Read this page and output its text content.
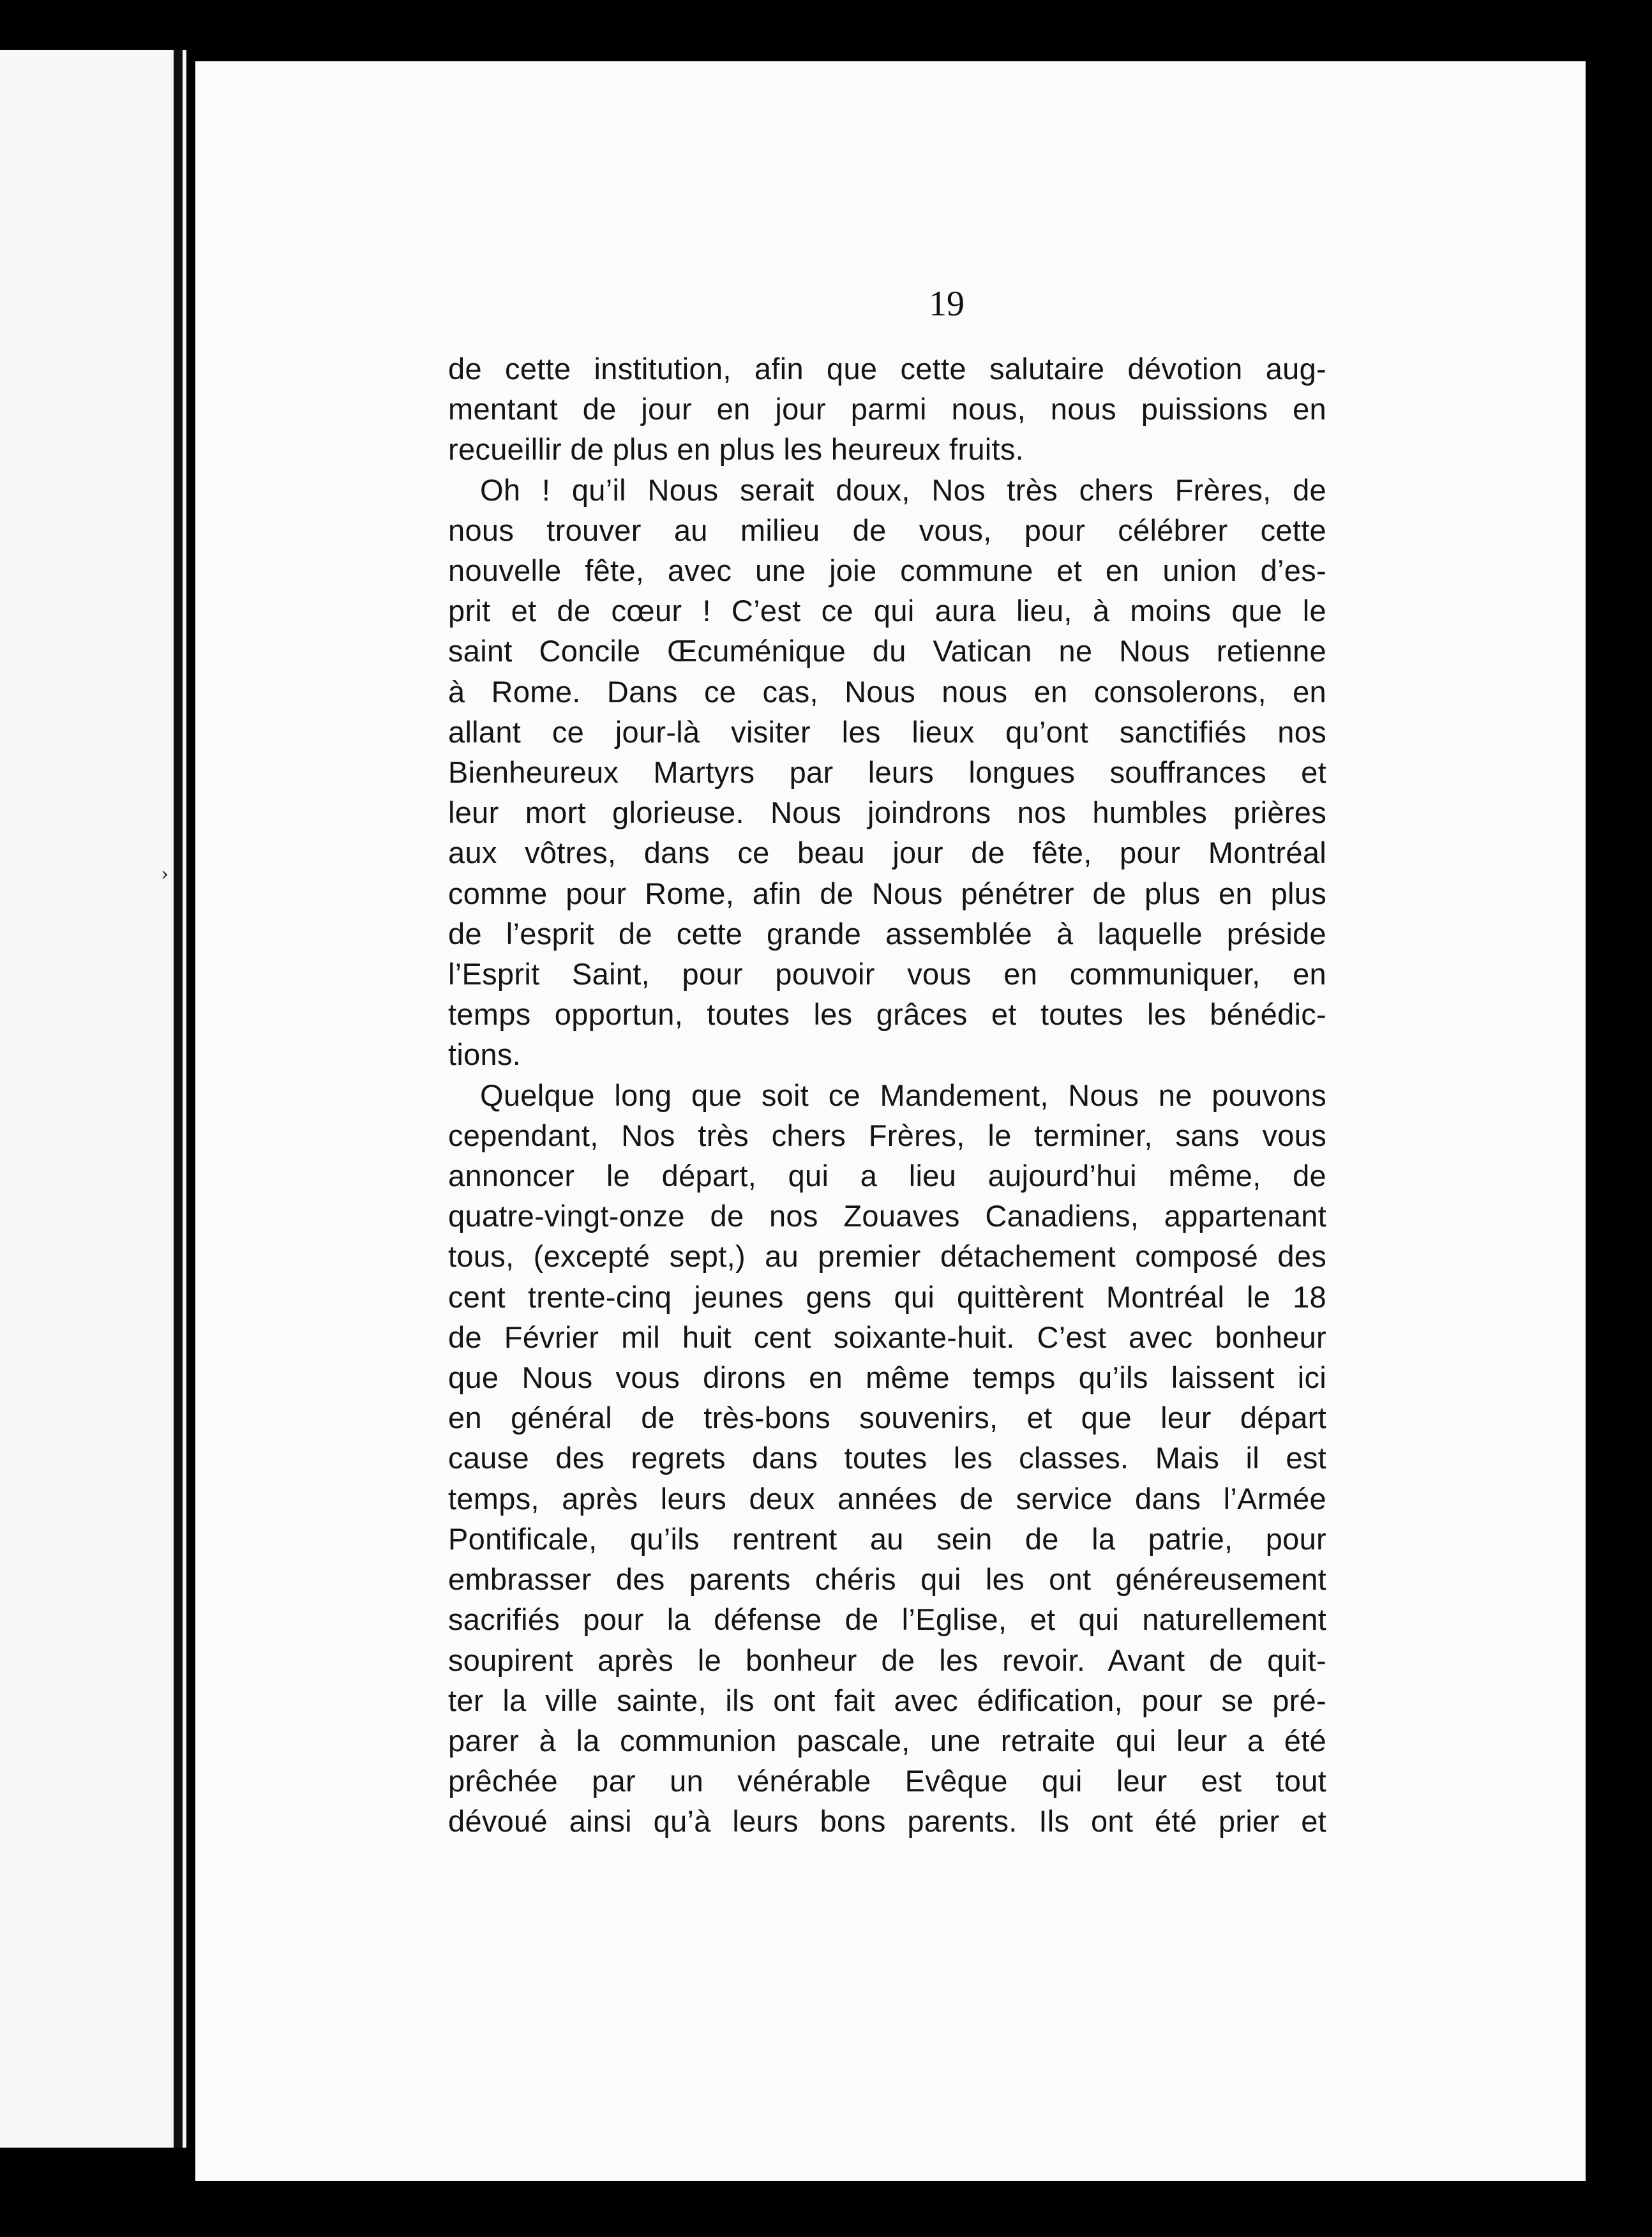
›
19

de cette institution, afin que cette salutaire dévotion aug-

mentant de jour en jour parmi nous, nous puissions en

recueillir de plus en plus les heureux fruits.

Oh ! qu’il Nous serait doux, Nos très chers Frères, de

nous trouver au milieu de vous, pour célébrer cette

nouvelle fête, avec une joie commune et en union d’es-

prit et de cœur ! C’est ce qui aura lieu, à moins que le

saint Concile Œcuménique du Vatican ne Nous retienne

à Rome. Dans ce cas, Nous nous en consolerons, en

allant ce jour-là visiter les lieux qu’ont sanctifiés nos

Bienheureux Martyrs par leurs longues souffrances et

leur mort glorieuse. Nous joindrons nos humbles prières

aux vôtres, dans ce beau jour de fête, pour Montréal

comme pour Rome, afin de Nous pénétrer de plus en plus

de l’esprit de cette grande assemblée à laquelle préside

l’Esprit Saint, pour pouvoir vous en communiquer, en

temps opportun, toutes les grâces et toutes les bénédic-

tions.

Quelque long que soit ce Mandement, Nous ne pouvons

cependant, Nos très chers Frères, le terminer, sans vous

annoncer le départ, qui a lieu aujourd’hui même, de

quatre-vingt-onze de nos Zouaves Canadiens, appartenant

tous, (excepté sept,) au premier détachement composé des

cent trente-cinq jeunes gens qui quittèrent Montréal le 18

de Février mil huit cent soixante-huit. C’est avec bonheur

que Nous vous dirons en même temps qu’ils laissent ici

en général de très-bons souvenirs, et que leur départ

cause des regrets dans toutes les classes. Mais il est

temps, après leurs deux années de service dans l’Armée

Pontificale, qu’ils rentrent au sein de la patrie, pour

embrasser des parents chéris qui les ont généreusement

sacrifiés pour la défense de l’Eglise, et qui naturellement

soupirent après le bonheur de les revoir. Avant de quit-

ter la ville sainte, ils ont fait avec édification, pour se pré-

parer à la communion pascale, une retraite qui leur a été

prêchée par un vénérable Evêque qui leur est tout

dévoué ainsi qu’à leurs bons parents. Ils ont été prier et
